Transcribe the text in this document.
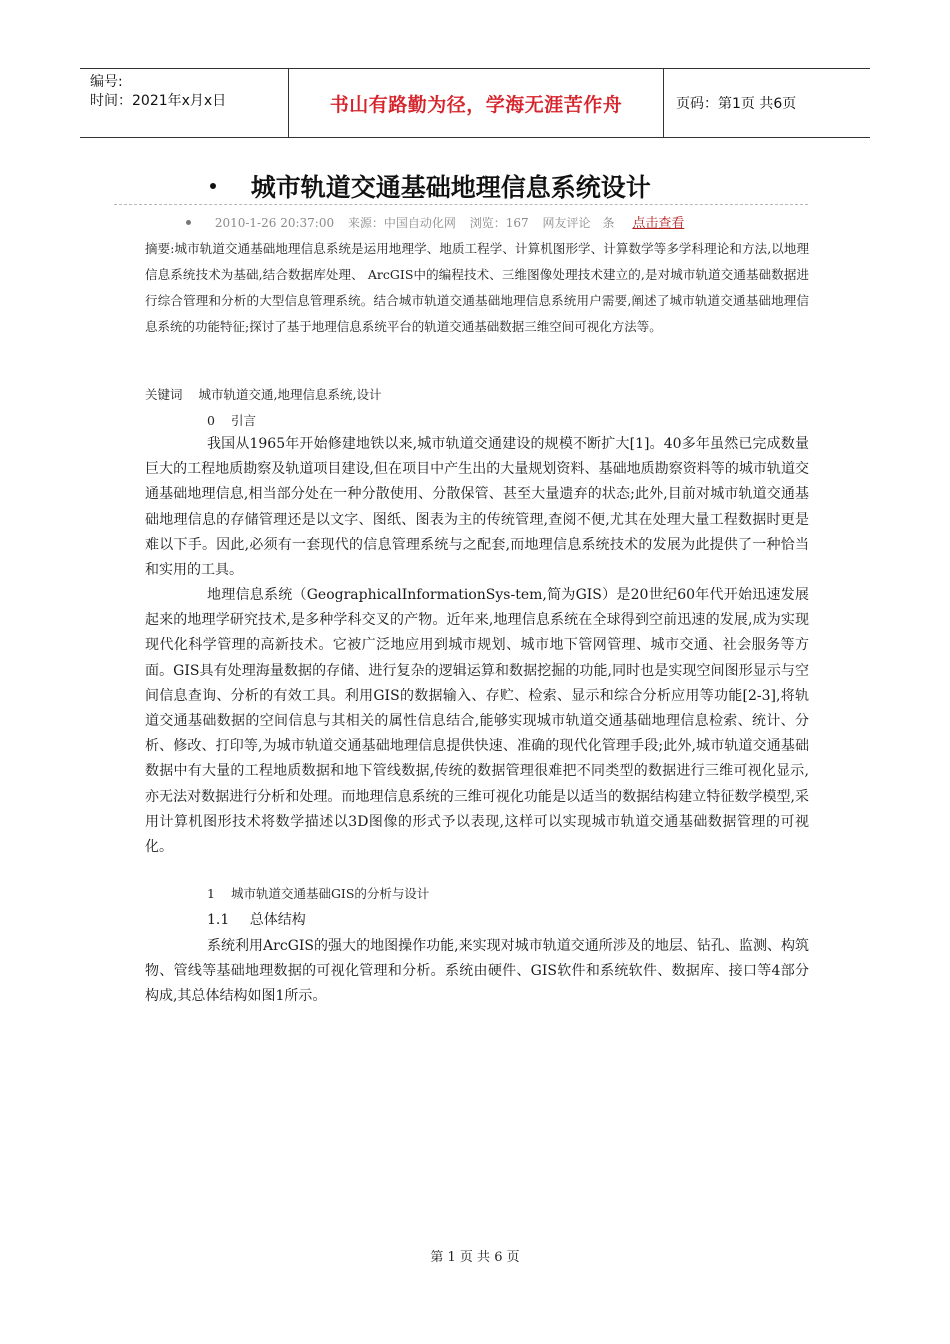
编号:
时间：2021年x月x日	书山有路勤为径，学海无涯苦作舟	页码：第1页 共6页
城市轨道交通基础地理信息系统设计
2010-1-26 20:37:00 来源：中国自动化网 浏览：167 网友评论　条 点击查看
摘要:城市轨道交通基础地理信息系统是运用地理学、地质工程学、计算机图形学、计算数学等多学科理论和方法,以地理信息系统技术为基础,结合数据库处理、 ArcGIS中的编程技术、三维图像处理技术建立的,是对城市轨道交通基础数据进行综合管理和分析的大型信息管理系统。结合城市轨道交通基础地理信息系统用户需要,阐述了城市轨道交通基础地理信息系统的功能特征;探讨了基于地理信息系统平台的轨道交通基础数据三维空间可视化方法等。
关键词 城市轨道交通,地理信息系统,设计
0 引言
我国从1965年开始修建地铁以来,城市轨道交通建设的规模不断扩大[1]。40多年虽然已完成数量巨大的工程地质勘察及轨道项目建设,但在项目中产生出的大量规划资料、基础地质勘察资料等的城市轨道交通基础地理信息,相当部分处在一种分散使用、分散保管、甚至大量遗弃的状态;此外,目前对城市轨道交通基础地理信息的存储管理还是以文字、图纸、图表为主的传统管理,查阅不便,尤其在处理大量工程数据时更是难以下手。因此,必须有一套现代的信息管理系统与之配套,而地理信息系统技术的发展为此提供了一种恰当和实用的工具。
地理信息系统（GeographicalInformationSys-tem,简为GIS）是20世纪60年代开始迅速发展起来的地理学研究技术,是多种学科交叉的产物。近年来,地理信息系统在全球得到空前迅速的发展,成为实现现代化科学管理的高新技术。它被广泛地应用到城市规划、城市地下管网管理、城市交通、社会服务等方面。GIS具有处理海量数据的存储、进行复杂的逻辑运算和数据挖掘的功能,同时也是实现空间图形显示与空间信息查询、分析的有效工具。利用GIS的数据输入、存贮、检索、显示和综合分析应用等功能[2-3],将轨道交通基础数据的空间信息与其相关的属性信息结合,能够实现城市轨道交通基础地理信息检索、统计、分析、修改、打印等,为城市轨道交通基础地理信息提供快速、准确的现代化管理手段;此外,城市轨道交通基础数据中有大量的工程地质数据和地下管线数据,传统的数据管理很难把不同类型的数据进行三维可视化显示,亦无法对数据进行分析和处理。而地理信息系统的三维可视化功能是以适当的数据结构建立特征数学模型,采用计算机图形技术将数学描述以3D图像的形式予以表现,这样可以实现城市轨道交通基础数据管理的可视化。
1 城市轨道交通基础GIS的分析与设计
1.1 总体结构
系统利用ArcGIS的强大的地图操作功能,来实现对城市轨道交通所涉及的地层、钻孔、监测、构筑物、管线等基础地理数据的可视化管理和分析。系统由硬件、GIS软件和系统软件、数据库、接口等4部分构成,其总体结构如图1所示。
第 1 页 共 6 页
